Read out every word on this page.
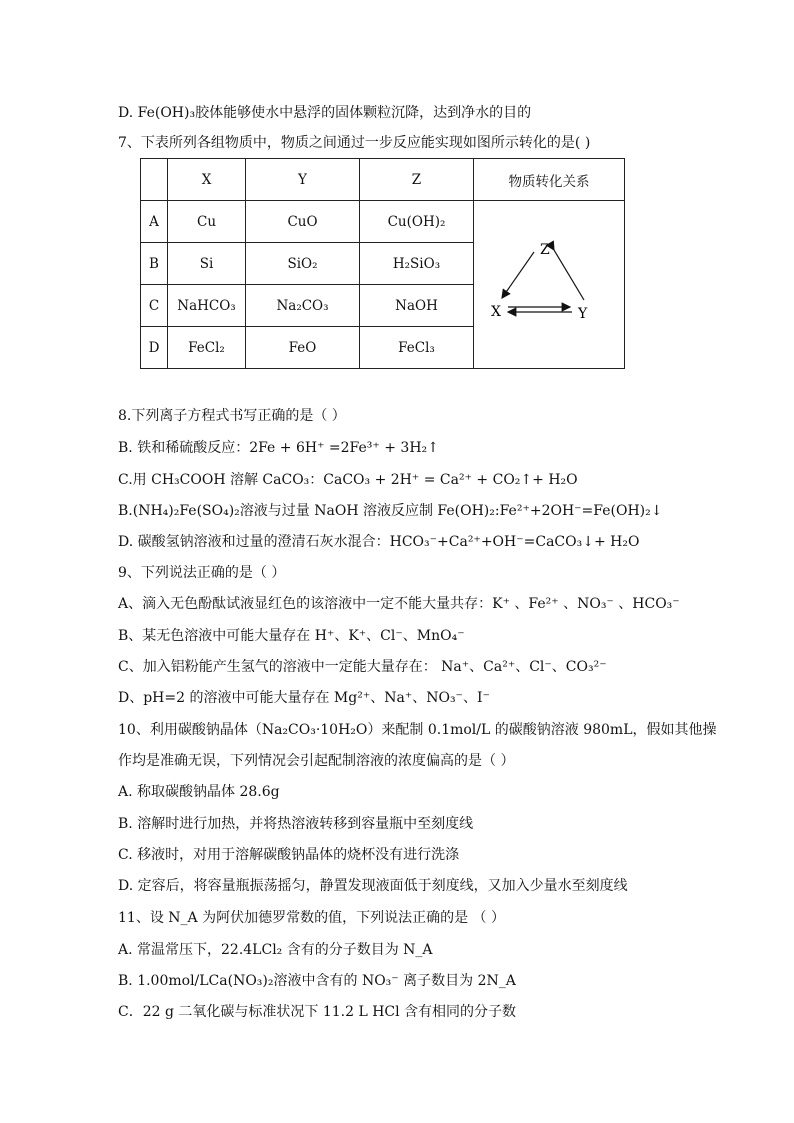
D. Fe(OH)₃胶体能够使水中悬浮的固体颗粒沉降，达到净水的目的
7、下表所列各组物质中，物质之间通过一步反应能实现如图所示转化的是( )
	X	Y	Z	物质转化关系
A	Cu	CuO	Cu(OH)₂	Z
X Y

B	Si	SiO₂	H₂SiO₃	
C	NaHCO₃	Na₂CO₃	NaOH	
D	FeCl₂	FeO	FeCl₃	
8.下列离子方程式书写正确的是（ ）
B. 铁和稀硫酸反应：2Fe + 6H⁺ =2Fe³⁺ + 3H₂↑
C.用 CH₃COOH 溶解 CaCO₃：CaCO₃ + 2H⁺ = Ca²⁺ + CO₂↑+ H₂O
B.(NH₄)₂Fe(SO₄)₂溶液与过量 NaOH 溶液反应制 Fe(OH)₂:Fe²⁺+2OH⁻=Fe(OH)₂↓
D. 碳酸氢钠溶液和过量的澄清石灰水混合：HCO₃⁻+Ca²⁺+OH⁻=CaCO₃↓+ H₂O
9、下列说法正确的是（ ）
A、滴入无色酚酞试液显红色的该溶液中一定不能大量共存：K⁺ 、Fe²⁺ 、NO₃⁻ 、HCO₃⁻
B、某无色溶液中可能大量存在 H⁺、K⁺、Cl⁻、MnO₄⁻
C、加入铝粉能产生氢气的溶液中一定能大量存在： Na⁺、Ca²⁺、Cl⁻、CO₃²⁻
D、pH=2 的溶液中可能大量存在 Mg²⁺、Na⁺、NO₃⁻、I⁻
10、利用碳酸钠晶体（Na₂CO₃·10H₂O）来配制 0.1mol/L 的碳酸钠溶液 980mL，假如其他操
作均是准确无误，下列情况会引起配制溶液的浓度偏高的是（ ）
A. 称取碳酸钠晶体 28.6g
B. 溶解时进行加热，并将热溶液转移到容量瓶中至刻度线
C. 移液时，对用于溶解碳酸钠晶体的烧杯没有进行洗涤
D. 定容后，将容量瓶振荡摇匀，静置发现液面低于刻度线，又加入少量水至刻度线
11、设 N_A 为阿伏加德罗常数的值，下列说法正确的是 （ ）
A. 常温常压下，22.4LCl₂ 含有的分子数目为 N_A
B. 1.00mol/LCa(NO₃)₂溶液中含有的 NO₃⁻ 离子数目为 2N_A
C．22 g 二氧化碳与标准状况下 11.2 L HCl 含有相同的分子数
